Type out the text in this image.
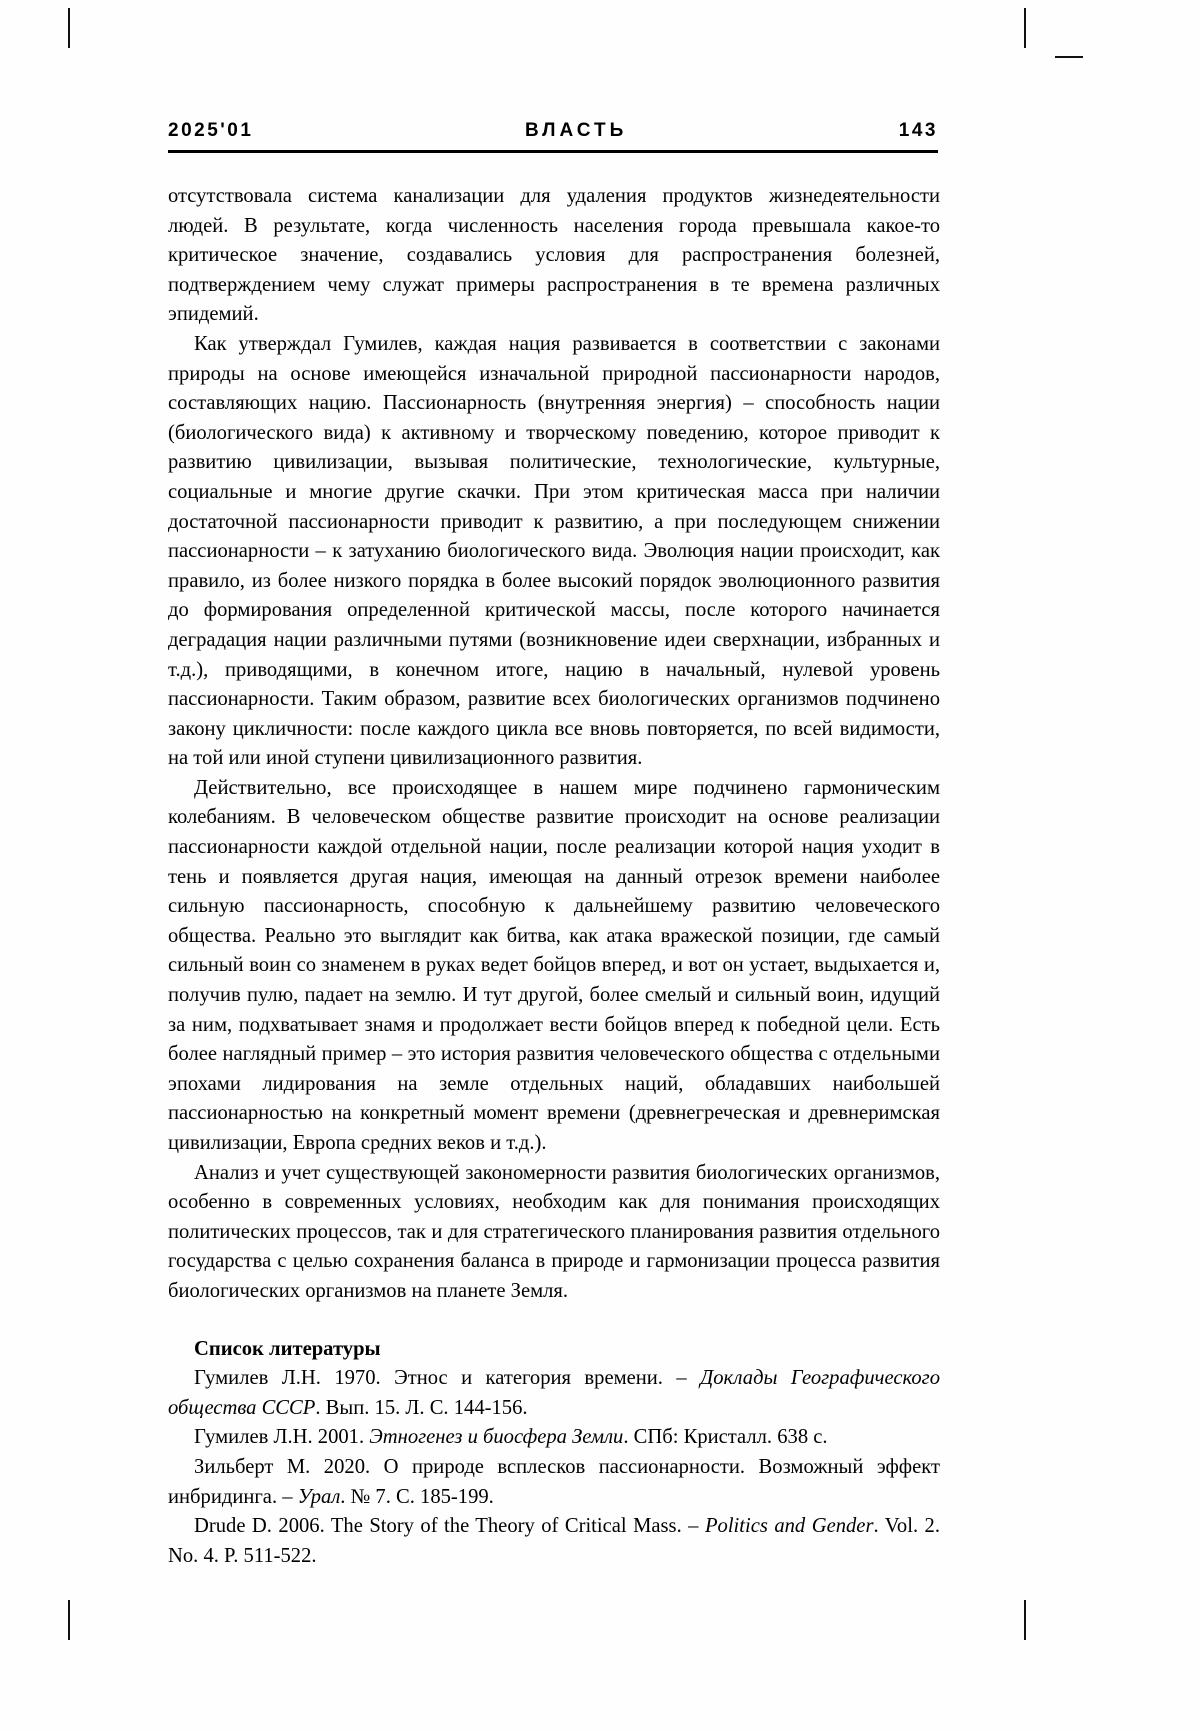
2025'01	ВЛАСТЬ	143

отсутствовала система канализации для удаления продуктов жизнедеятельности людей. В результате, когда численность населения города превышала какое-то критическое значение, создавались условия для распространения болезней, подтверждением чему служат примеры распространения в те времена различных эпидемий.

Как утверждал Гумилев, каждая нация развивается в соответствии с законами природы на основе имеющейся изначальной природной пассионарности народов, составляющих нацию. Пассионарность (внутренняя энергия) – способность нации (биологического вида) к активному и творческому поведению, которое приводит к развитию цивилизации, вызывая политические, технологические, культурные, социальные и многие другие скачки. При этом критическая масса при наличии достаточной пассионарности приводит к развитию, а при последующем снижении пассионарности – к затуханию биологического вида. Эволюция нации происходит, как правило, из более низкого порядка в более высокий порядок эволюционного развития до формирования определенной критической массы, после которого начинается деградация нации различными путями (возникновение идеи сверхнации, избранных и т.д.), приводящими, в конечном итоге, нацию в начальный, нулевой уровень пассионарности. Таким образом, развитие всех биологических организмов подчинено закону цикличности: после каждого цикла все вновь повторяется, по всей видимости, на той или иной ступени цивилизационного развития.

Действительно, все происходящее в нашем мире подчинено гармоническим колебаниям. В человеческом обществе развитие происходит на основе реализации пассионарности каждой отдельной нации, после реализации которой нация уходит в тень и появляется другая нация, имеющая на данный отрезок времени наиболее сильную пассионарность, способную к дальнейшему развитию человеческого общества. Реально это выглядит как битва, как атака вражеской позиции, где самый сильный воин со знаменем в руках ведет бойцов вперед, и вот он устает, выдыхается и, получив пулю, падает на землю. И тут другой, более смелый и сильный воин, идущий за ним, подхватывает знамя и продолжает вести бойцов вперед к победной цели. Есть более наглядный пример – это история развития человеческого общества с отдельными эпохами лидирования на земле отдельных наций, обладавших наибольшей пассионарностью на конкретный момент времени (древнегреческая и древнеримская цивилизации, Европа средних веков и т.д.).

Анализ и учет существующей закономерности развития биологических организмов, особенно в современных условиях, необходим как для понимания происходящих политических процессов, так и для стратегического планирования развития отдельного государства с целью сохранения баланса в природе и гармонизации процесса развития биологических организмов на планете Земля.

Список литературы

Гумилев Л.Н. 1970. Этнос и категория времени. – Доклады Географического общества СССР. Вып. 15. Л. С. 144-156.

Гумилев Л.Н. 2001. Этногенез и биосфера Земли. СПб: Кристалл. 638 с.

Зильберт М. 2020. О природе всплесков пассионарности. Возможный эффект инбридинга. – Урал. № 7. С. 185-199.

Drude D. 2006. The Story of the Theory of Critical Mass. – Politics and Gender. Vol. 2. No. 4. P. 511-522.
